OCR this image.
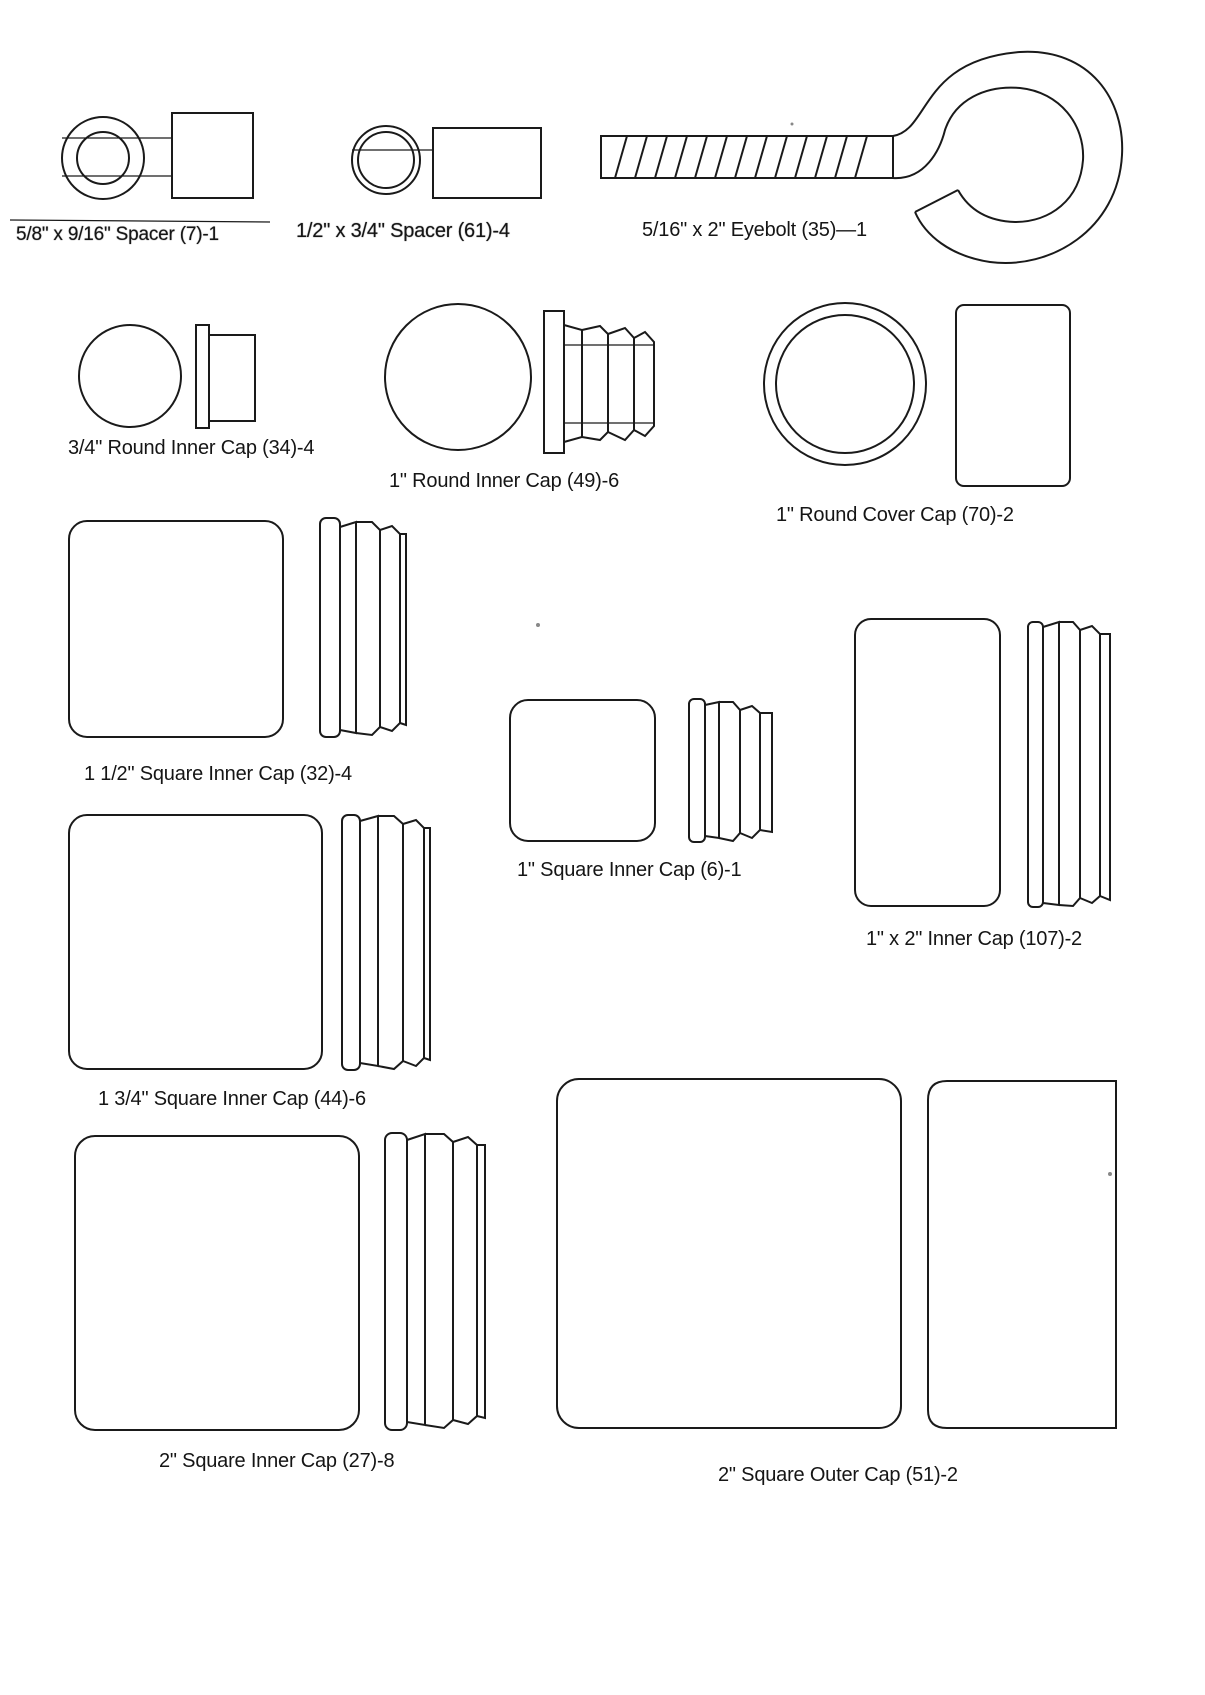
5/8" x 9/16" Spacer (7)-1	1/2" x 3/4" Spacer (61)-4	5/16" x 2" Eyebolt (35)—1
3/4" Round Inner Cap (34)-4
1" Round Inner Cap (49)-6
1" Round Cover Cap (70)-2
1 1/2" Square Inner Cap (32)-4
1" Square Inner Cap (6)-1
1" x 2" Inner Cap (107)-2
1 3/4" Square Inner Cap (44)-6
2" Square Inner Cap (27)-8
2" Square Outer Cap (51)-2
